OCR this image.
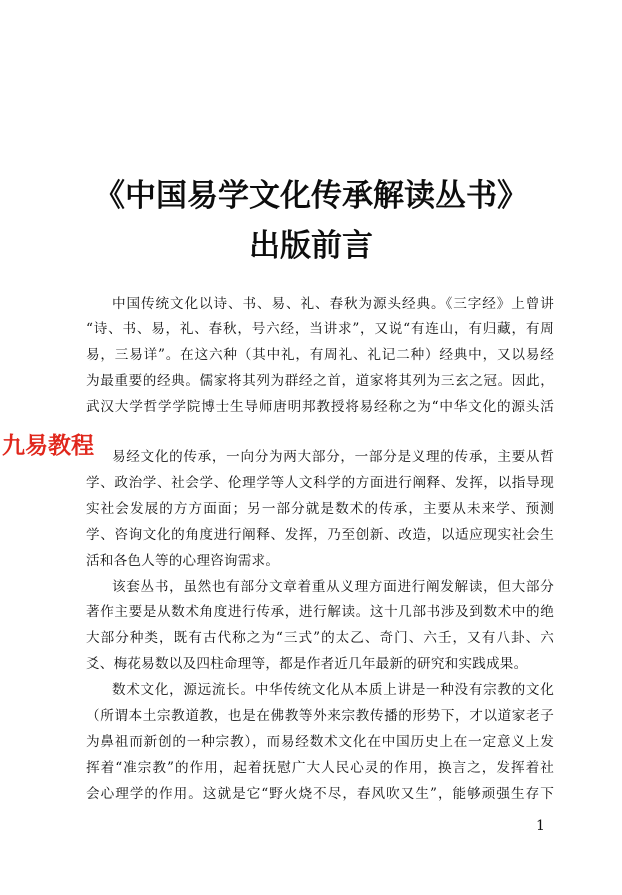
《中国易学文化传承解读丛书》
出版前言
中国传统文化以诗、书、易、礼、春秋为源头经典。《三字经》上曾讲
“诗、书、易，礼、春秋，号六经，当讲求”，又说“有连山，有归藏，有周
易，三易详”。在这六种（其中礼，有周礼、礼记二种）经典中，又以易经
为最重要的经典。儒家将其列为群经之首，道家将其列为三玄之冠。因此，
武汉大学哲学学院博士生导师唐明邦教授将易经称之为“中华文化的源头活
易经文化的传承，一向分为两大部分，一部分是义理的传承，主要从哲
学、政治学、社会学、伦理学等人文科学的方面进行阐释、发挥，以指导现
实社会发展的方方面面；另一部分就是数术的传承，主要从未来学、预测
学、咨询文化的角度进行阐释、发挥，乃至创新、改造，以适应现实社会生
活和各色人等的心理咨询需求。
该套丛书，虽然也有部分文章着重从义理方面进行阐发解读，但大部分
著作主要是从数术角度进行传承，进行解读。这十几部书涉及到数术中的绝
大部分种类，既有古代称之为“三式”的太乙、奇门、六壬，又有八卦、六
爻、梅花易数以及四柱命理等，都是作者近几年最新的研究和实践成果。
数术文化，源远流长。中华传统文化从本质上讲是一种没有宗教的文化
（所谓本土宗教道教，也是在佛教等外来宗教传播的形势下，才以道家老子
为鼻祖而新创的一种宗教），而易经数术文化在中国历史上在一定意义上发
挥着“准宗教”的作用，起着抚慰广大人民心灵的作用，换言之，发挥着社
会心理学的作用。这就是它“野火烧不尽，春风吹又生”，能够顽强生存下
九易教程
1
